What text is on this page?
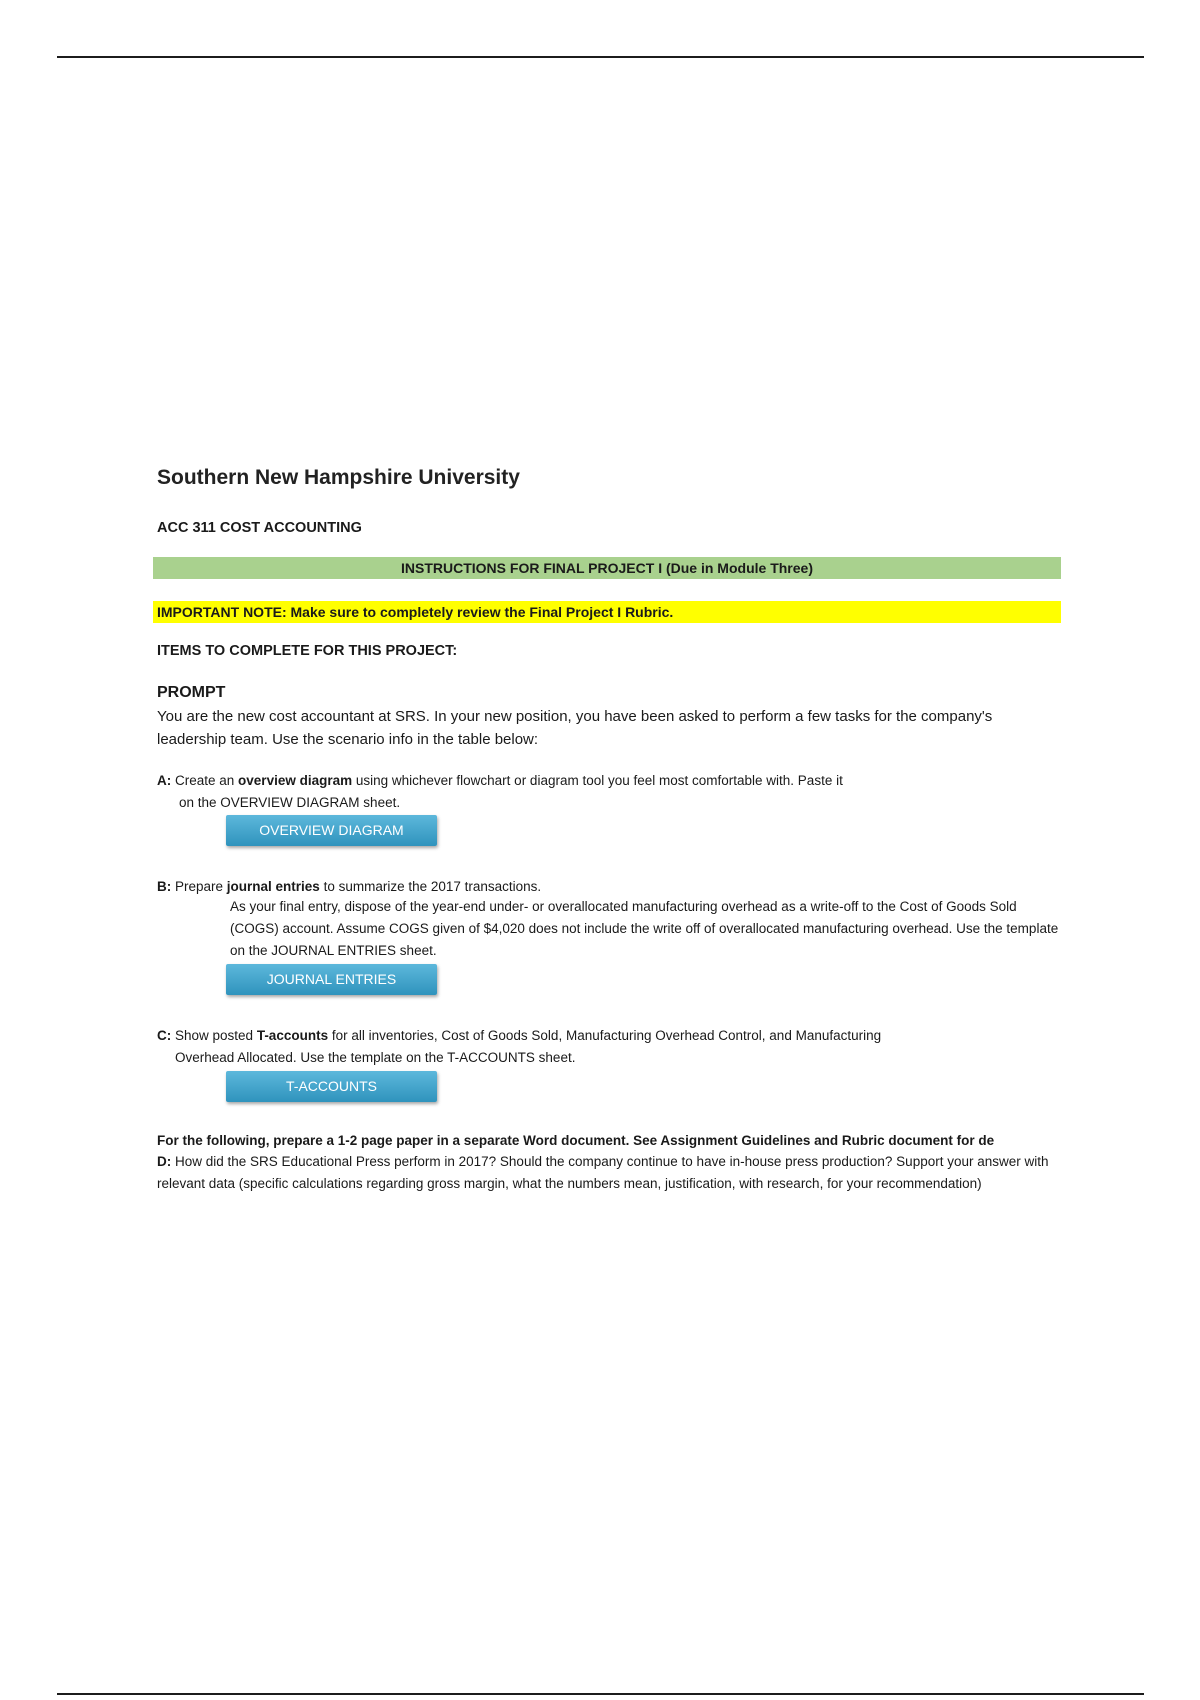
Southern New Hampshire University
ACC 311 COST ACCOUNTING
INSTRUCTIONS FOR FINAL PROJECT I (Due in Module Three)
IMPORTANT NOTE: Make sure to completely review the Final Project I Rubric.
ITEMS TO COMPLETE FOR THIS PROJECT:
PROMPT
You are the new cost accountant at SRS. In your new position, you have been asked to perform a few tasks for the company's leadership team. Use the scenario info in the table below:
A: Create an overview diagram using whichever flowchart or diagram tool you feel most comfortable with. Paste it
on the OVERVIEW DIAGRAM sheet.
OVERVIEW DIAGRAM
B: Prepare journal entries to summarize the 2017 transactions.
As your final entry, dispose of the year-end under- or overallocated manufacturing overhead as a write-off to the Cost of Goods Sold (COGS) account. Assume COGS given of $4,020 does not include the write off of overallocated manufacturing overhead. Use the template on the JOURNAL ENTRIES sheet.
JOURNAL ENTRIES
C: Show posted T-accounts for all inventories, Cost of Goods Sold, Manufacturing Overhead Control, and Manufacturing
Overhead Allocated. Use the template on the T-ACCOUNTS sheet.
T-ACCOUNTS
For the following, prepare a 1-2 page paper in a separate Word document. See Assignment Guidelines and Rubric document for de
D: How did the SRS Educational Press perform in 2017? Should the company continue to have in-house press production? Support your answer with relevant data (specific calculations regarding gross margin, what the numbers mean, justification, with research, for your recommendation)
